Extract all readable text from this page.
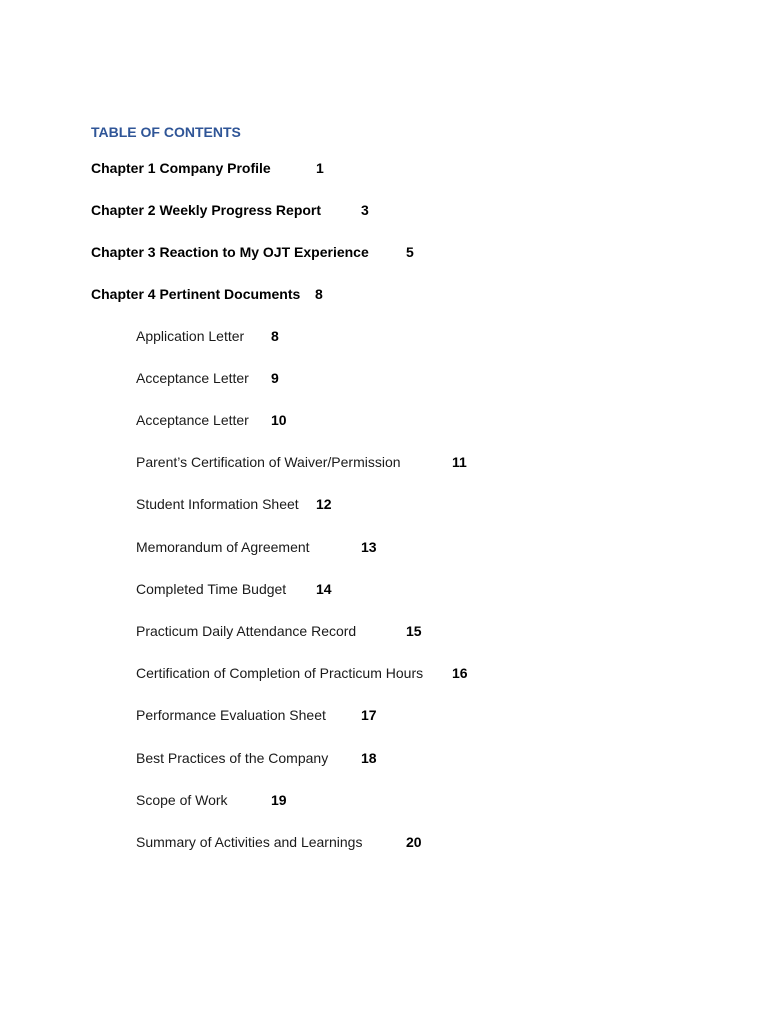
TABLE OF CONTENTS
Chapter 1 Company Profile	1
Chapter 2 Weekly Progress Report	3
Chapter 3 Reaction to My OJT Experience	5
Chapter 4 Pertinent Documents 8
Application Letter 8
Acceptance Letter 9
Acceptance Letter 10
Parent’s Certification of Waiver/Permission	11
Student Information Sheet 12
Memorandum of Agreement	13
Completed Time Budget 14
Practicum Daily Attendance Record	15
Certification of Completion of Practicum Hours 16
Performance Evaluation Sheet	17
Best Practices of the Company 18
Scope of Work	19
Summary of Activities and Learnings	20
